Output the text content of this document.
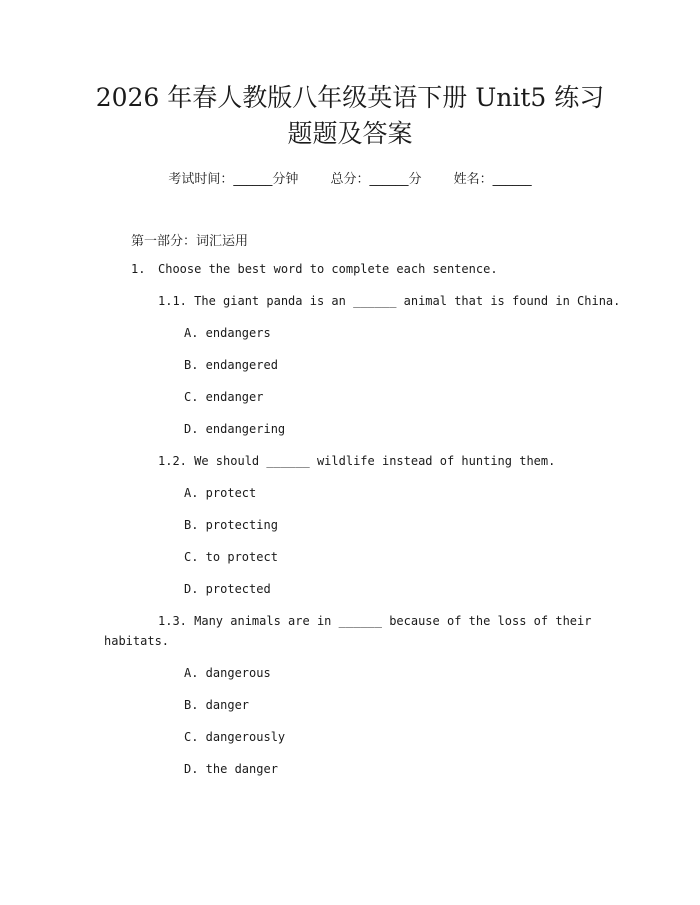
2026 年春人教版八年级英语下册 Unit5 练习
题题及答案
考试时间：______分钟 总分：______分 姓名：______
第一部分：词汇运用
1. Choose the best word to complete each sentence.
1.1. The giant panda is an ______ animal that is found in China.
A. endangers
B. endangered
C. endanger
D. endangering
1.2. We should ______ wildlife instead of hunting them.
A. protect
B. protecting
C. to protect
D. protected
1.3. Many animals are in ______ because of the loss of their
habitats.
A. dangerous
B. danger
C. dangerously
D. the danger
